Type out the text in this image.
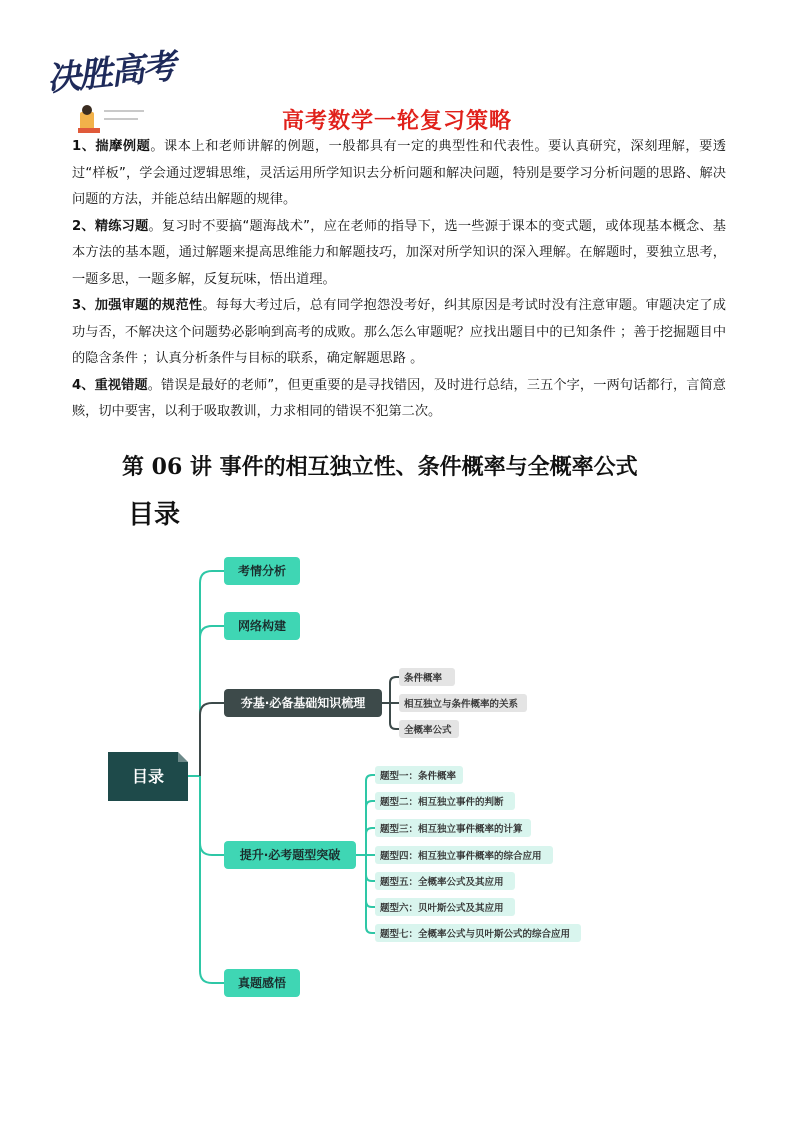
决胜高考
高考数学一轮复习策略

1、揣摩例题。课本上和老师讲解的例题，一般都具有一定的典型性和代表性。要认真研究，深刻理解，要透过“样板”，学会通过逻辑思维，灵活运用所学知识去分析问题和解决问题，特别是要学习分析问题的思路、解决问题的方法，并能总结出解题的规律。

2、精练习题。复习时不要搞“题海战术”，应在老师的指导下，选一些源于课本的变式题，或体现基本概念、基本方法的基本题，通过解题来提高思维能力和解题技巧，加深对所学知识的深入理解。在解题时，要独立思考，一题多思，一题多解，反复玩味，悟出道理。

3、加强审题的规范性。每每大考过后，总有同学抱怨没考好，纠其原因是考试时没有注意审题。审题决定了成功与否，不解决这个问题势必影响到高考的成败。那么怎么审题呢？应找出题目中的已知条件 ；善于挖掘题目中的隐含条件 ；认真分析条件与目标的联系，确定解题思路 。

4、重视错题。错误是最好的老师”，但更重要的是寻找错因，及时进行总结，三五个字，一两句话都行，言简意赅，切中要害，以利于吸取教训，力求相同的错误不犯第二次。

第 06 讲 事件的相互独立性、条件概率与全概率公式
目录
目录
考情分析
网络构建
夯基·必备基础知识梳理
提升·必考题型突破
真题感悟
条件概率
相互独立与条件概率的关系
全概率公式
题型一：条件概率
题型二：相互独立事件的判断
题型三：相互独立事件概率的计算
题型四：相互独立事件概率的综合应用
题型五：全概率公式及其应用
题型六：贝叶斯公式及其应用
题型七：全概率公式与贝叶斯公式的综合应用
